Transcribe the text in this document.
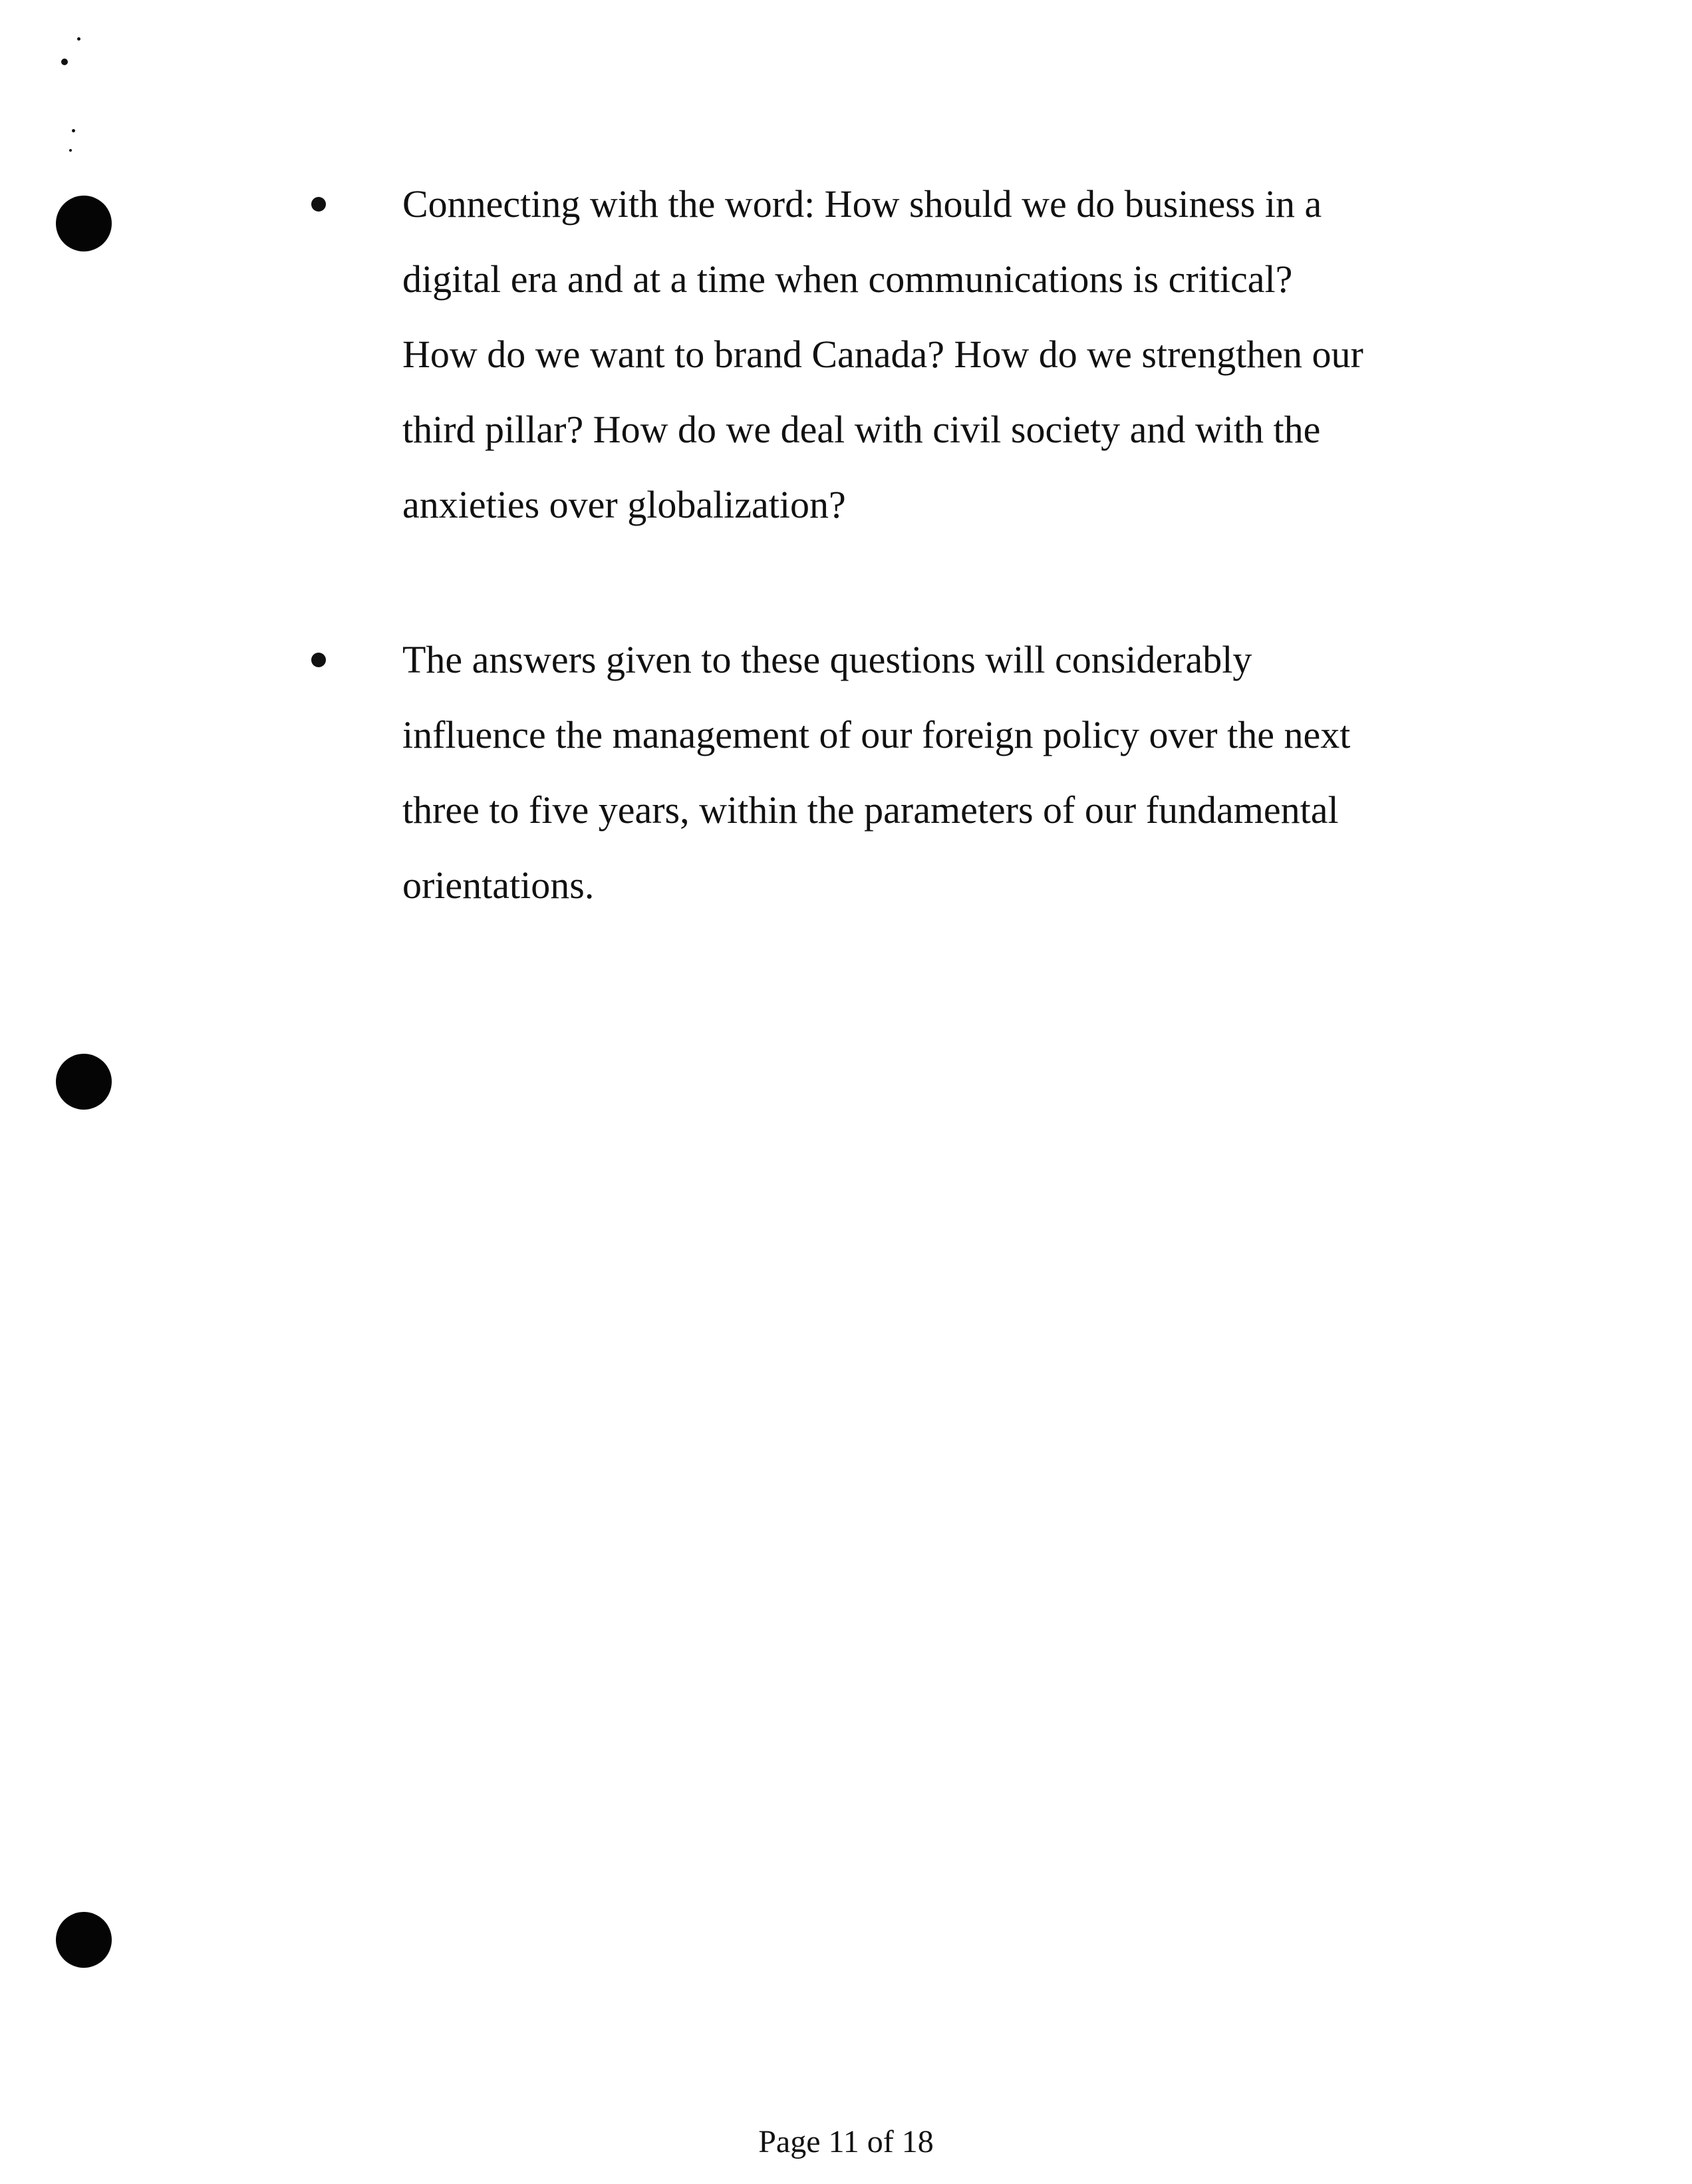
Connecting with the word: How should we do business in a
digital era and at a time when communications is critical?
How do we want to brand Canada? How do we strengthen our
third pillar? How do we deal with civil society and with the
anxieties over globalization?
The answers given to these questions will considerably
influence the management of our foreign policy over the next
three to five years, within the parameters of our fundamental
orientations.
Page 11 of 18
